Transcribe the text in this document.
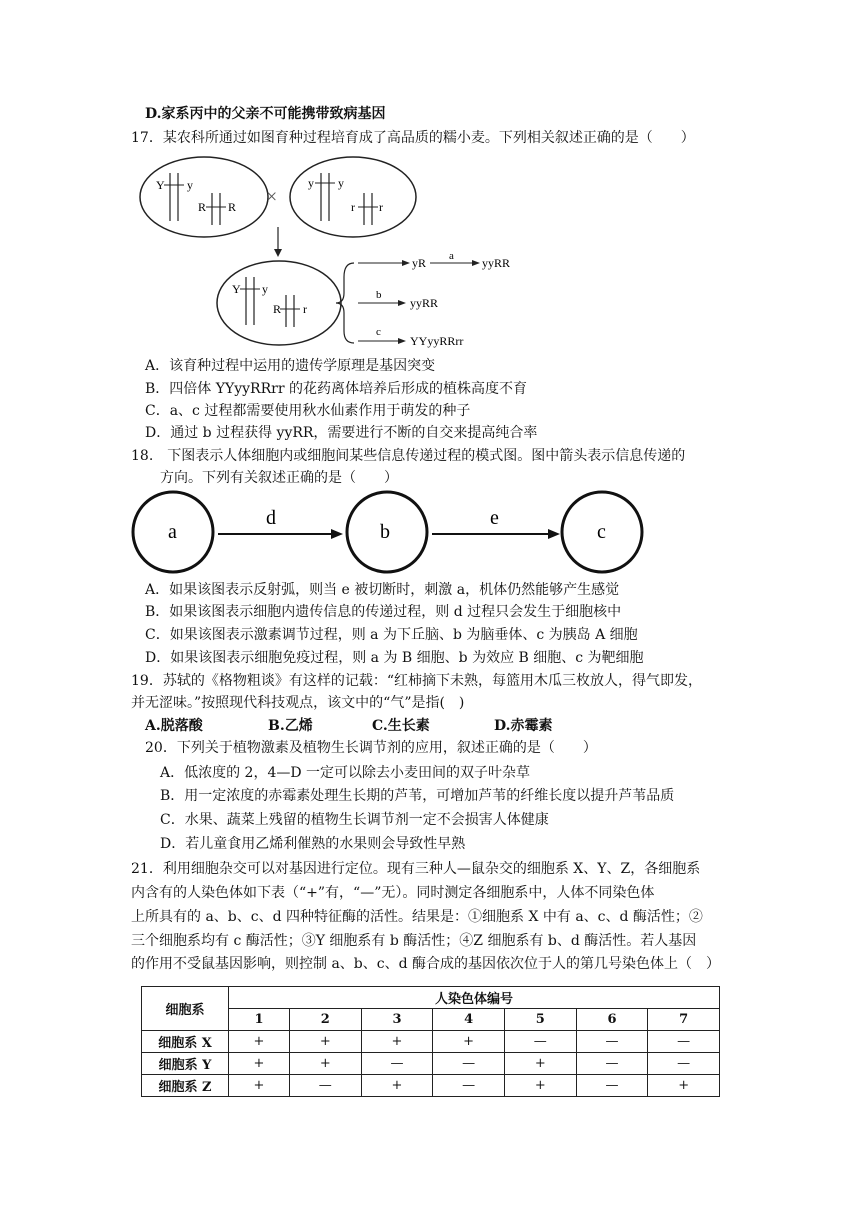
D.家系丙中的父亲不可能携带致病基因
17．某农科所通过如图育种过程培育成了高品质的糯小麦。下列相关叙述正确的是（　　）
Y y
R R ×
y y
r r
Y y
R r
yR a yyRR
b
yyRR
c
YYyyRRrr
A．该育种过程中运用的遗传学原理是基因突变
B．四倍体 YYyyRRrr 的花药离体培养后形成的植株高度不育
C．a、c 过程都需要使用秋水仙素作用于萌发的种子
D．通过 b 过程获得 yyRR，需要进行不断的自交来提高纯合率
18.　下图表示人体细胞内或细胞间某些信息传递过程的模式图。图中箭头表示信息传递的
方向。下列有关叙述正确的是（　　）
a
d
b
e
c
A．如果该图表示反射弧，则当 e 被切断时，刺激 a，机体仍然能够产生感觉
B．如果该图表示细胞内遗传信息的传递过程，则 d 过程只会发生于细胞核中
C．如果该图表示激素调节过程，则 a 为下丘脑、b 为脑垂体、c 为胰岛 A 细胞
D．如果该图表示细胞免疫过程，则 a 为 B 细胞、b 为效应 B 细胞、c 为靶细胞
19．苏轼的《格物粗谈》有这样的记载：“红柿摘下未熟，每篮用木瓜三枚放人，得气即发，
并无涩味。”按照现代科技观点，该文中的“气”是指(　)
A.脱落酸	B.乙烯	C.生长素	D.赤霉素
20．下列关于植物激素及植物生长调节剂的应用，叙述正确的是（　　）
A．低浓度的 2，4—D 一定可以除去小麦田间的双子叶杂草
B．用一定浓度的赤霉素处理生长期的芦苇，可增加芦苇的纤维长度以提升芦苇品质
C．水果、蔬菜上残留的植物生长调节剂一定不会损害人体健康
D．若儿童食用乙烯利催熟的水果则会导致性早熟
21．利用细胞杂交可以对基因进行定位。现有三种人—鼠杂交的细胞系 X、Y、Z，各细胞系
内含有的人染色体如下表（“+”有，“—”无）。同时测定各细胞系中，人体不同染色体
上所具有的 a、b、c、d 四种特征酶的活性。结果是：①细胞系 X 中有 a、c、d 酶活性；②
三个细胞系均有 c 酶活性；③Y 细胞系有 b 酶活性；④Z 细胞系有 b、d 酶活性。若人基因
的作用不受鼠基因影响，则控制 a、b、c、d 酶合成的基因依次位于人的第几号染色体上（　）
细胞系	人染色体编号						
	1	2	3	4	5	6	7
细胞系 X	+	+	+	+	—	—	—
细胞系 Y	+	+	—	—	+	—	—
细胞系 Z	+	—	+	—	+	—	+
